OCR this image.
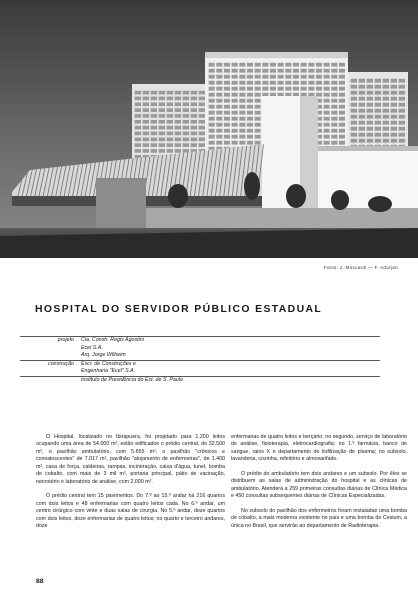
Fotos: J. Moscardi — F. Adorjan
HOSPITAL DO SERVIDOR PÚBLICO ESTADUAL
projeto	Cia. Constr. Regis Agostini
Ecel S.A.
Arq. Jorge Wilheim
construção	Escr. de Construções e
Engenharia "Ecel" S.A.
Instituto de Previdência do Est. de S. Paulo

O Hospital, localizado no Ibirapuera, foi projetado para 1.200 leitos ocupando uma área de 54.000 m², estão edificados o prédio central, de 32.500 m², o pavilhão ambulatório, com 5.655 m², o pavilhão "crônicos e convalescentes" de 7.017 m², pavilhão "alojamento de enfermeiras", de 1.400 m², casa de força, caldeiras, rampas, incineração, caixa d'água, tunel, bomba de cobalto, com mais de 3 mil m², portaria principal, pátio de vacinação, necrotério e laboratório de análise, com 2.000 m².

O prédio central tem 15 pavimentos. Do 7.º ao 15.º andar há 216 quartos com dois leitos e 48 enfermarias com quatro leitos cada. No 6.º andar, um centro cirúrgico com vinte e duas salas de cirurgia. No 5.º andar, doze quartos com dois leitos, doze enfermarias de quatro leitos; no quarto e terceiro andares, doze

enfermarias de quatro leitos e berçário; no segundo, serviço de laboratório de análise, fisioterapia, eletrocardiografia; no 1.º farmácia, banco de sangue, raios X e departamento de liofilização de plasma; no subsolo, lavanderia, cozinha, refeitório e almoxarifado.

O prédio do ambulatório tem dois andares e um subsolo. Por êles se distribuem as salas de administração do hospital e as clínicas de ambulatório. Atenderá a 259 primeiras consultas diárias de Clínica Médica e 450 consultas subsequentes diárias de Clínicas Especializadas.

No subsolo do pavilhão dos enfermeiros foram instaladas uma bomba de cobalto, a mais moderna existente no país e uma bomba de Cesium, a única no Brasil, que servirão ao departamento de Radioterapia.

88
